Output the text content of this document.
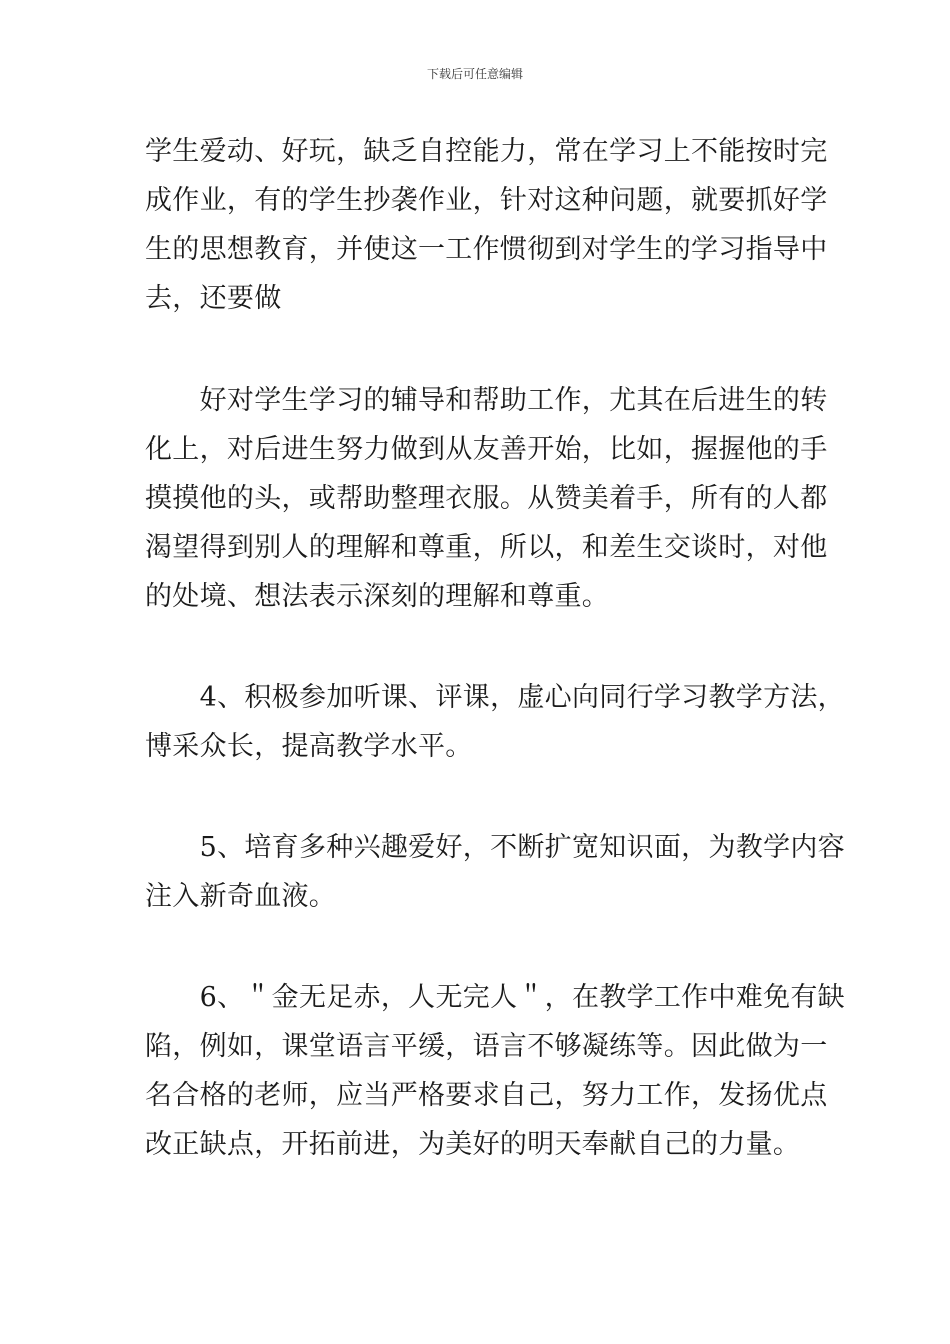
下载后可任意编辑
学生爱动、好玩，缺乏自控能力，常在学习上不能按时完
成作业，有的学生抄袭作业，针对这种问题，就要抓好学
生的思想教育，并使这一工作惯彻到对学生的学习指导中
去，还要做
　　好对学生学习的辅导和帮助工作，尤其在后进生的转
化上，对后进生努力做到从友善开始，比如，握握他的手
摸摸他的头，或帮助整理衣服。从赞美着手，所有的人都
渴望得到别人的理解和尊重，所以，和差生交谈时，对他
的处境、想法表示深刻的理解和尊重。
　　4、积极参加听课、评课，虚心向同行学习教学方法，
博采众长，提高教学水平。
　　5、培育多种兴趣爱好，不断扩宽知识面，为教学内容
注入新奇血液。
　　6、＂金无足赤，人无完人＂，在教学工作中难免有缺
陷，例如，课堂语言平缓，语言不够凝练等。因此做为一
名合格的老师，应当严格要求自己，努力工作，发扬优点
改正缺点，开拓前进，为美好的明天奉献自己的力量。
